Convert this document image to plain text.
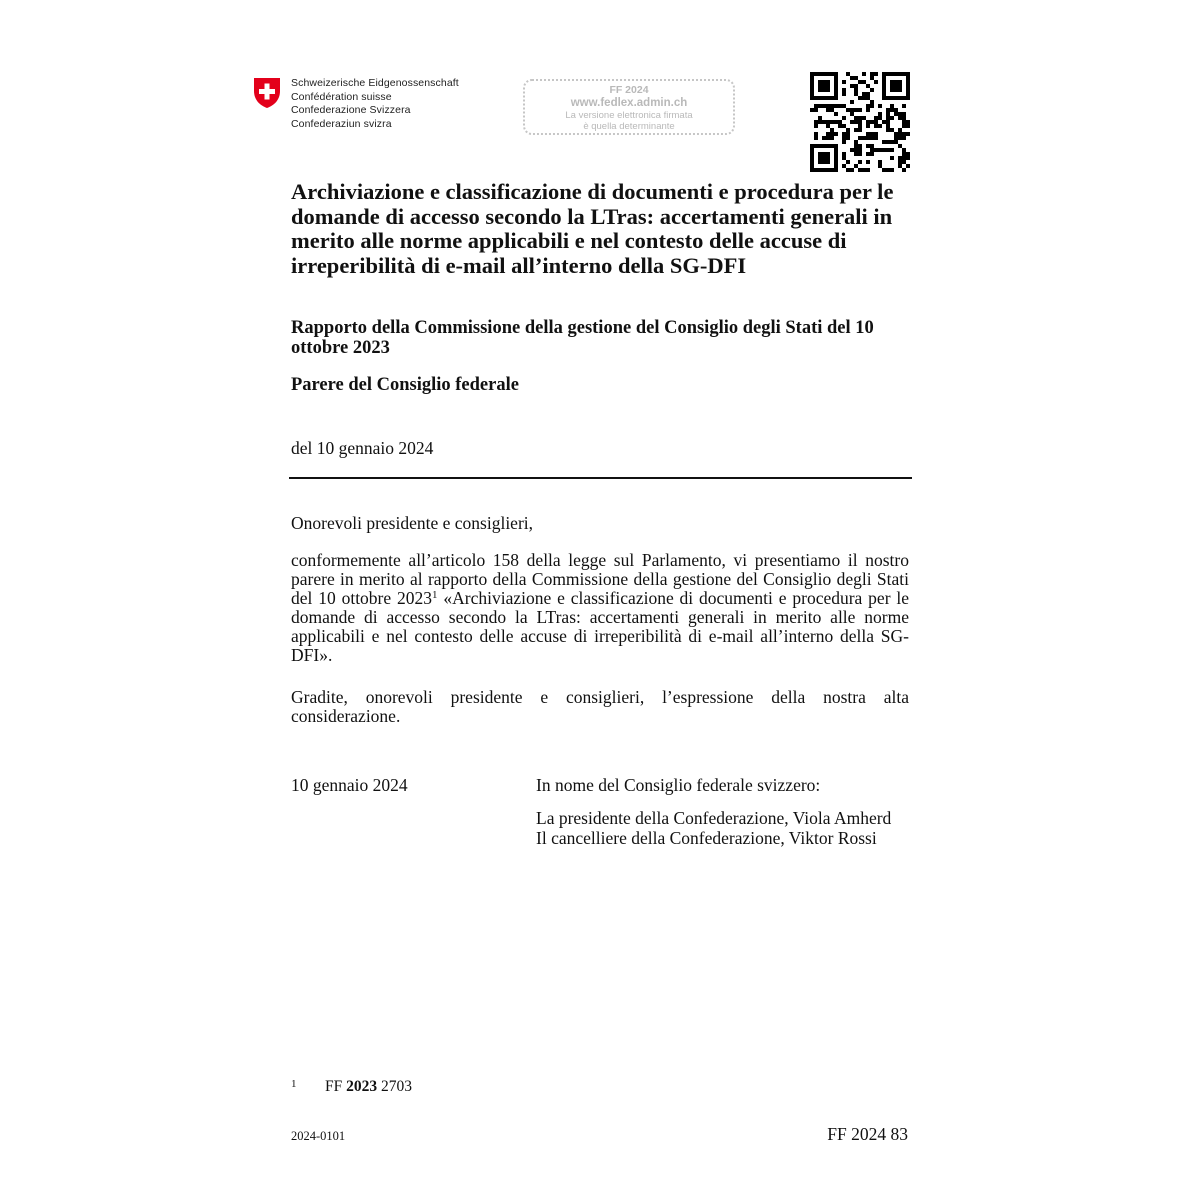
Schweizerische Eidgenossenschaft
Confédération suisse
Confederazione Svizzera
Confederaziun svizra
FF 2024
www.fedlex.admin.ch
La versione elettronica firmata
è quella determinante
Archiviazione e classificazione di documenti e procedura per le domande di accesso secondo la LTras: accertamenti generali in merito alle norme applicabili e nel contesto delle accuse di irreperibilità di e-mail all’interno della SG-DFI
Rapporto della Commissione della gestione del Consiglio degli Stati del 10 ottobre 2023
Parere del Consiglio federale
del 10 gennaio 2024
Onorevoli presidente e consiglieri,
conformemente all’articolo 158 della legge sul Parlamento, vi presentiamo il nostro parere in merito al rapporto della Commissione della gestione del Consiglio degli Stati del 10 ottobre 2023$^1$ «Archiviazione e classificazione di documenti e procedura per le domande di accesso secondo la LTras: accertamenti generali in merito alle norme applicabili e nel contesto delle accuse di irreperibilità di e-mail all’interno della SG-DFI».
Gradite, onorevoli presidente e consiglieri, l’espressione della nostra alta considerazione.
10 gennaio 2024	In nome del Consiglio federale svizzero:
La presidente della Confederazione, Viola Amherd
Il cancelliere della Confederazione, Viktor Rossi
1 FF 2023 2703
2024-0101	FF 2024 83
